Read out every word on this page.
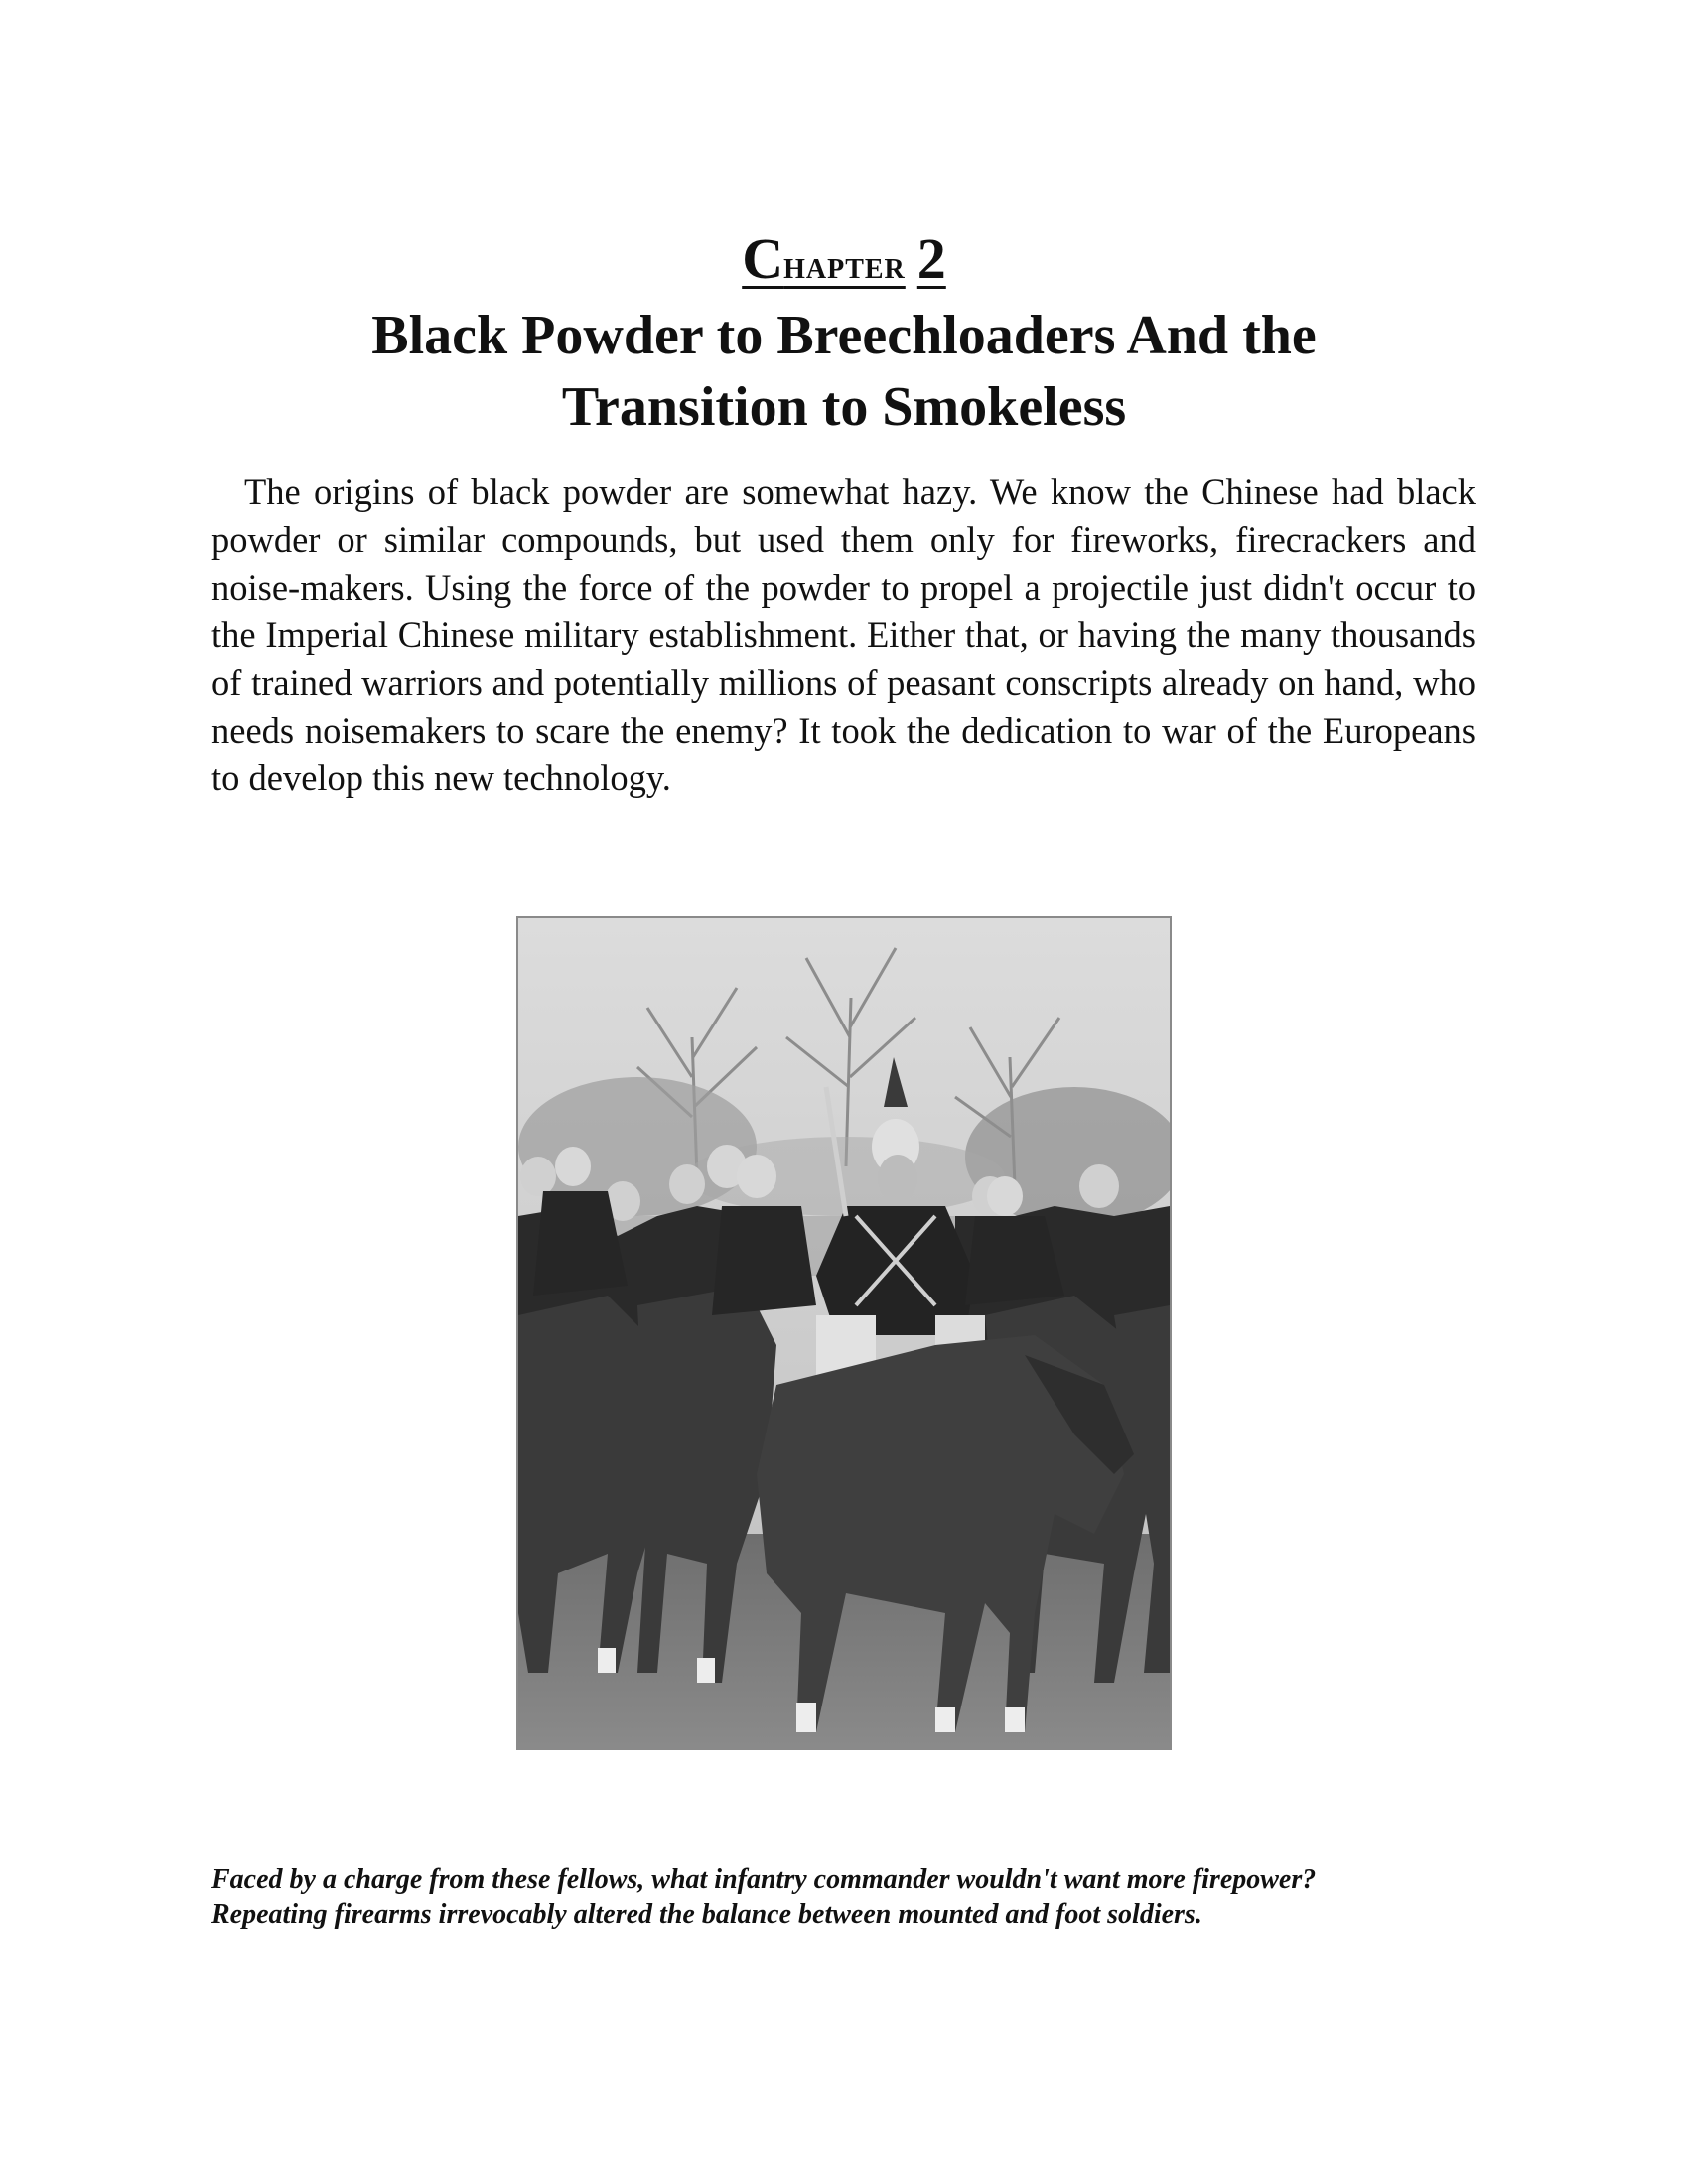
CHAPTER 2
Black Powder to Breechloaders And the
Transition to Smokeless

The origins of black powder are somewhat hazy. We know the Chinese had black powder or similar compounds, but used them only for fireworks, firecrackers and noise-makers. Using the force of the powder to propel a projectile just didn't occur to the Imperial Chinese military establishment. Either that, or having the many thousands of trained warriors and potentially millions of peasant conscripts already on hand, who needs noisemakers to scare the enemy? It took the dedication to war of the Europeans to develop this new technology.

Faced by a charge from these fellows, what infantry commander wouldn't want more firepower?
Repeating firearms irrevocably altered the balance between mounted and foot soldiers.
